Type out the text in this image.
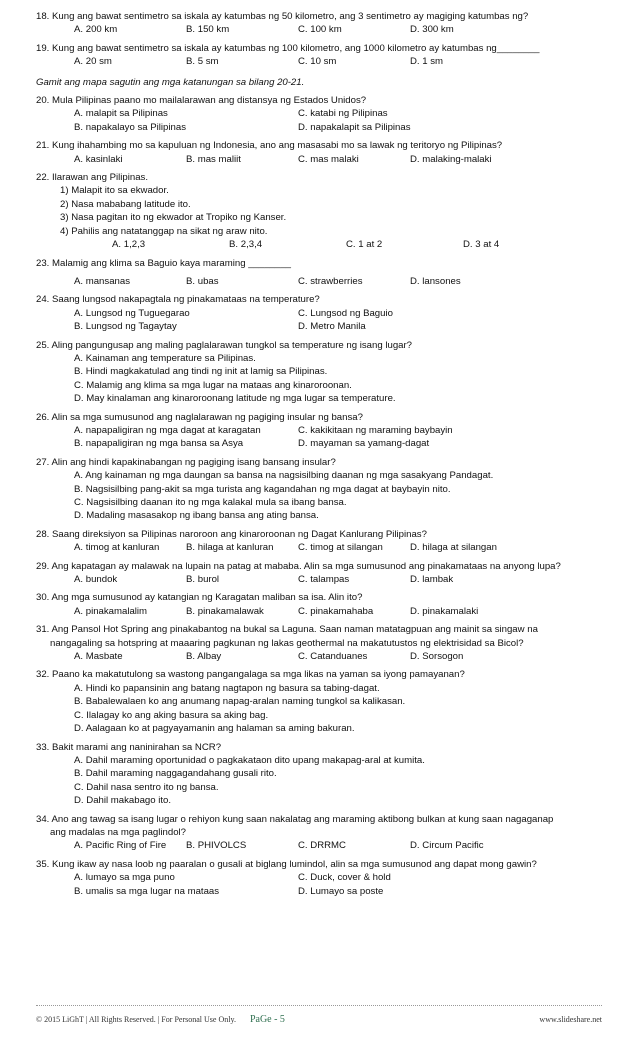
18. Kung ang bawat sentimetro sa iskala ay katumbas ng 50 kilometro, ang 3 sentimetro ay magiging katumbas ng?
A. 200 km	B. 150 km	C. 100 km	D. 300 km
19. Kung ang bawat sentimetro sa iskala ay katumbas ng 100 kilometro, ang 1000 kilometro ay katumbas ng________
A. 20 sm	B. 5 sm	C. 10 sm	D. 1 sm
Gamit ang mapa sagutin ang mga katanungan sa bilang 20-21.
20. Mula Pilipinas paano mo mailalarawan ang distansya ng Estados Unidos?
A. malapit sa Pilipinas	C. katabi ng Pilipinas
B. napakalayo sa Pilipinas	D. napakalapit sa Pilipinas
21. Kung ihahambing mo sa kapuluan ng Indonesia, ano ang masasabi mo sa lawak ng teritoryo ng Pilipinas?
A. kasinlaki	B. mas maliit	C. mas malaki	D. malaking-malaki
22. Ilarawan ang Pilipinas.
1) Malapit ito sa ekwador.
2) Nasa mababang latitude ito.
3) Nasa pagitan ito ng ekwador at Tropiko ng Kanser.
4) Pahilis ang natatanggap na sikat ng araw nito.
A. 1,2,3	B. 2,3,4	C. 1 at 2	D. 3 at 4
23. Malamig ang klima sa Baguio kaya maraming ________
A. mansanas	B. ubas	C. strawberries	D. lansones
24. Saang lungsod nakapagtala ng pinakamataas na temperature?
A. Lungsod ng Tuguegarao	C. Lungsod ng Baguio
B. Lungsod ng Tagaytay	D. Metro Manila
25. Aling pangungusap ang maling paglalarawan tungkol sa temperature ng isang lugar?
A. Kainaman ang temperature sa Pilipinas.
B. Hindi magkakatulad ang tindi ng init at lamig sa Pilipinas.
C. Malamig ang klima sa mga lugar na mataas ang kinaroroonan.
D. May kinalaman ang kinaroroonang latitude ng mga lugar sa temperature.
26. Alin sa mga sumusunod ang naglalarawan ng pagiging insular ng bansa?
A. napapaligiran ng mga dagat at karagatan	C. kakikitaan ng maraming baybayin
B. napapaligiran ng mga bansa sa Asya	D. mayaman sa yamang-dagat
27. Alin ang hindi kapakinabangan ng pagiging isang bansang insular?
A. Ang kainaman ng mga daungan sa bansa na nagsisilbing daanan ng mga sasakyang Pandagat.
B. Nagsisilbing pang-akit sa mga turista ang kagandahan ng mga dagat at baybayin nito.
C. Nagsisilbing daanan ito ng mga kalakal mula sa ibang bansa.
D. Madaling masasakop ng ibang bansa ang ating bansa.
28. Saang direksiyon sa Pilipinas naroroon ang kinaroroonan ng Dagat Kanlurang Pilipinas?
A. timog at kanluran	B. hilaga at kanluran	C. timog at silangan	D. hilaga at silangan
29. Ang kapatagan ay malawak na lupain na patag at mababa. Alin sa mga sumusunod ang pinakamataas na anyong lupa?
A. bundok	B. burol	C. talampas	D. lambak
30. Ang mga sumusunod ay katangian ng Karagatan maliban sa isa. Alin ito?
A. pinakamalalim	B. pinakamalawak	C. pinakamahaba	D. pinakamalaki
31. Ang Pansol Hot Spring ang pinakabantog na bukal sa Laguna. Saan naman matatagpuan ang mainit sa singaw na
nangagaling sa hotspring at maaaring pagkunan ng lakas geothermal na makatutustos ng elektrisidad sa Bicol?
A. Masbate	B. Albay	C. Catanduanes	D. Sorsogon
32. Paano ka makatutulong sa wastong pangangalaga sa mga likas na yaman sa iyong pamayanan?
A. Hindi ko papansinin ang batang nagtapon ng basura sa tabing-dagat.
B. Babalewalaen ko ang anumang napag-aralan naming tungkol sa kalikasan.
C. Ilalagay ko ang aking basura sa aking bag.
D. Aalagaan ko at pagyayamanin ang halaman sa aming bakuran.
33. Bakit marami ang naninirahan sa NCR?
A. Dahil maraming oportunidad o pagkakataon dito upang makapag-aral at kumita.
B. Dahil maraming naggagandahang gusali rito.
C. Dahil nasa sentro ito ng bansa.
D. Dahil makabago ito.
34. Ano ang tawag sa isang lugar o rehiyon kung saan nakalatag ang maraming aktibong bulkan at kung saan nagaganap
ang madalas na mga paglindol?
A. Pacific Ring of Fire	B. PHIVOLCS	C. DRRMC	D. Circum Pacific
35. Kung ikaw ay nasa loob ng paaralan o gusali at biglang lumindol, alin sa mga sumusunod ang dapat mong gawin?
A. lumayo sa mga puno	C. Duck, cover & hold
B. umalis sa mga lugar na mataas	D. Lumayo sa poste
© 2015 LiGhT | All Rights Reserved. | For Personal Use Only. PaGe - 5	www.slideshare.net
